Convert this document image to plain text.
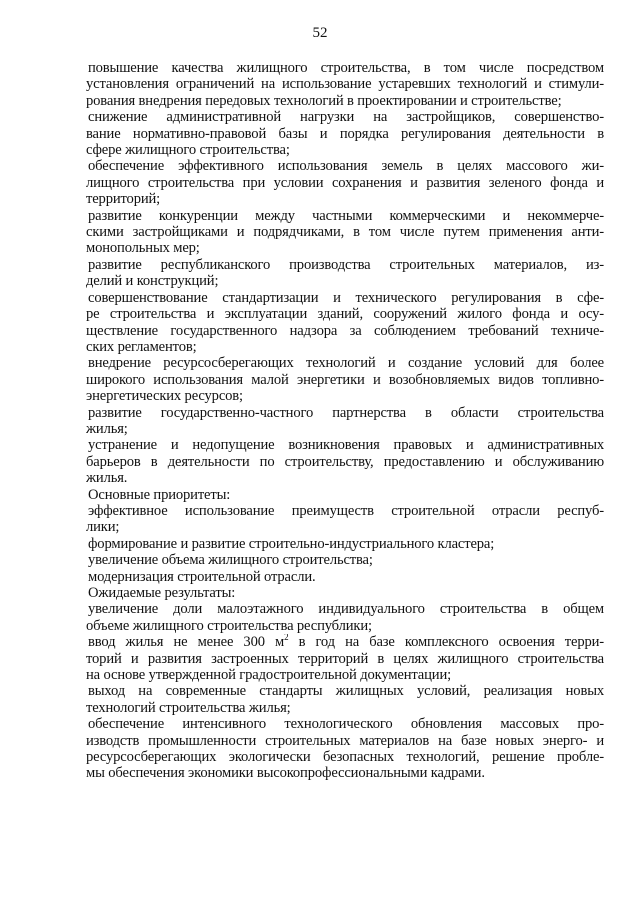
52
повышение качества жилищного строительства, в том числе посредством
установления ограничений на использование устаревших технологий и стимули-
рования внедрения передовых технологий в проектировании и строительстве;
снижение административной нагрузки на застройщиков, совершенство-
вание нормативно-правовой базы и порядка регулирования деятельности в
сфере жилищного строительства;
обеспечение эффективного использования земель в целях массового жи-
лищного строительства при условии сохранения и развития зеленого фонда и
территорий;
развитие конкуренции между частными коммерческими и некоммерче-
скими застройщиками и подрядчиками, в том числе путем применения анти-
монопольных мер;
развитие республиканского производства строительных материалов, из-
делий и конструкций;
совершенствование стандартизации и технического регулирования в сфе-
ре строительства и эксплуатации зданий, сооружений жилого фонда и осу-
ществление государственного надзора за соблюдением требований техниче-
ских регламентов;
внедрение ресурсосберегающих технологий и создание условий для более
широкого использования малой энергетики и возобновляемых видов топливно-
энергетических ресурсов;
развитие государственно-частного партнерства в области строительства
жилья;
устранение и недопущение возникновения правовых и административных
барьеров в деятельности по строительству, предоставлению и обслуживанию
жилья.
Основные приоритеты:
эффективное использование преимуществ строительной отрасли респуб-
лики;
формирование и развитие строительно-индустриального кластера;
увеличение объема жилищного строительства;
модернизация строительной отрасли.
Ожидаемые результаты:
увеличение доли малоэтажного индивидуального строительства в общем
объеме жилищного строительства республики;
ввод жилья не менее 300 $м^2$ в год на базе комплексного освоения терри-
торий и развития застроенных территорий в целях жилищного строительства
на основе утвержденной градостроительной документации;
выход на современные стандарты жилищных условий, реализация новых
технологий строительства жилья;
обеспечение интенсивного технологического обновления массовых про-
изводств промышленности строительных материалов на базе новых энерго- и
ресурсосберегающих экологически безопасных технологий, решение пробле-
мы обеспечения экономики высокопрофессиональными кадрами.
